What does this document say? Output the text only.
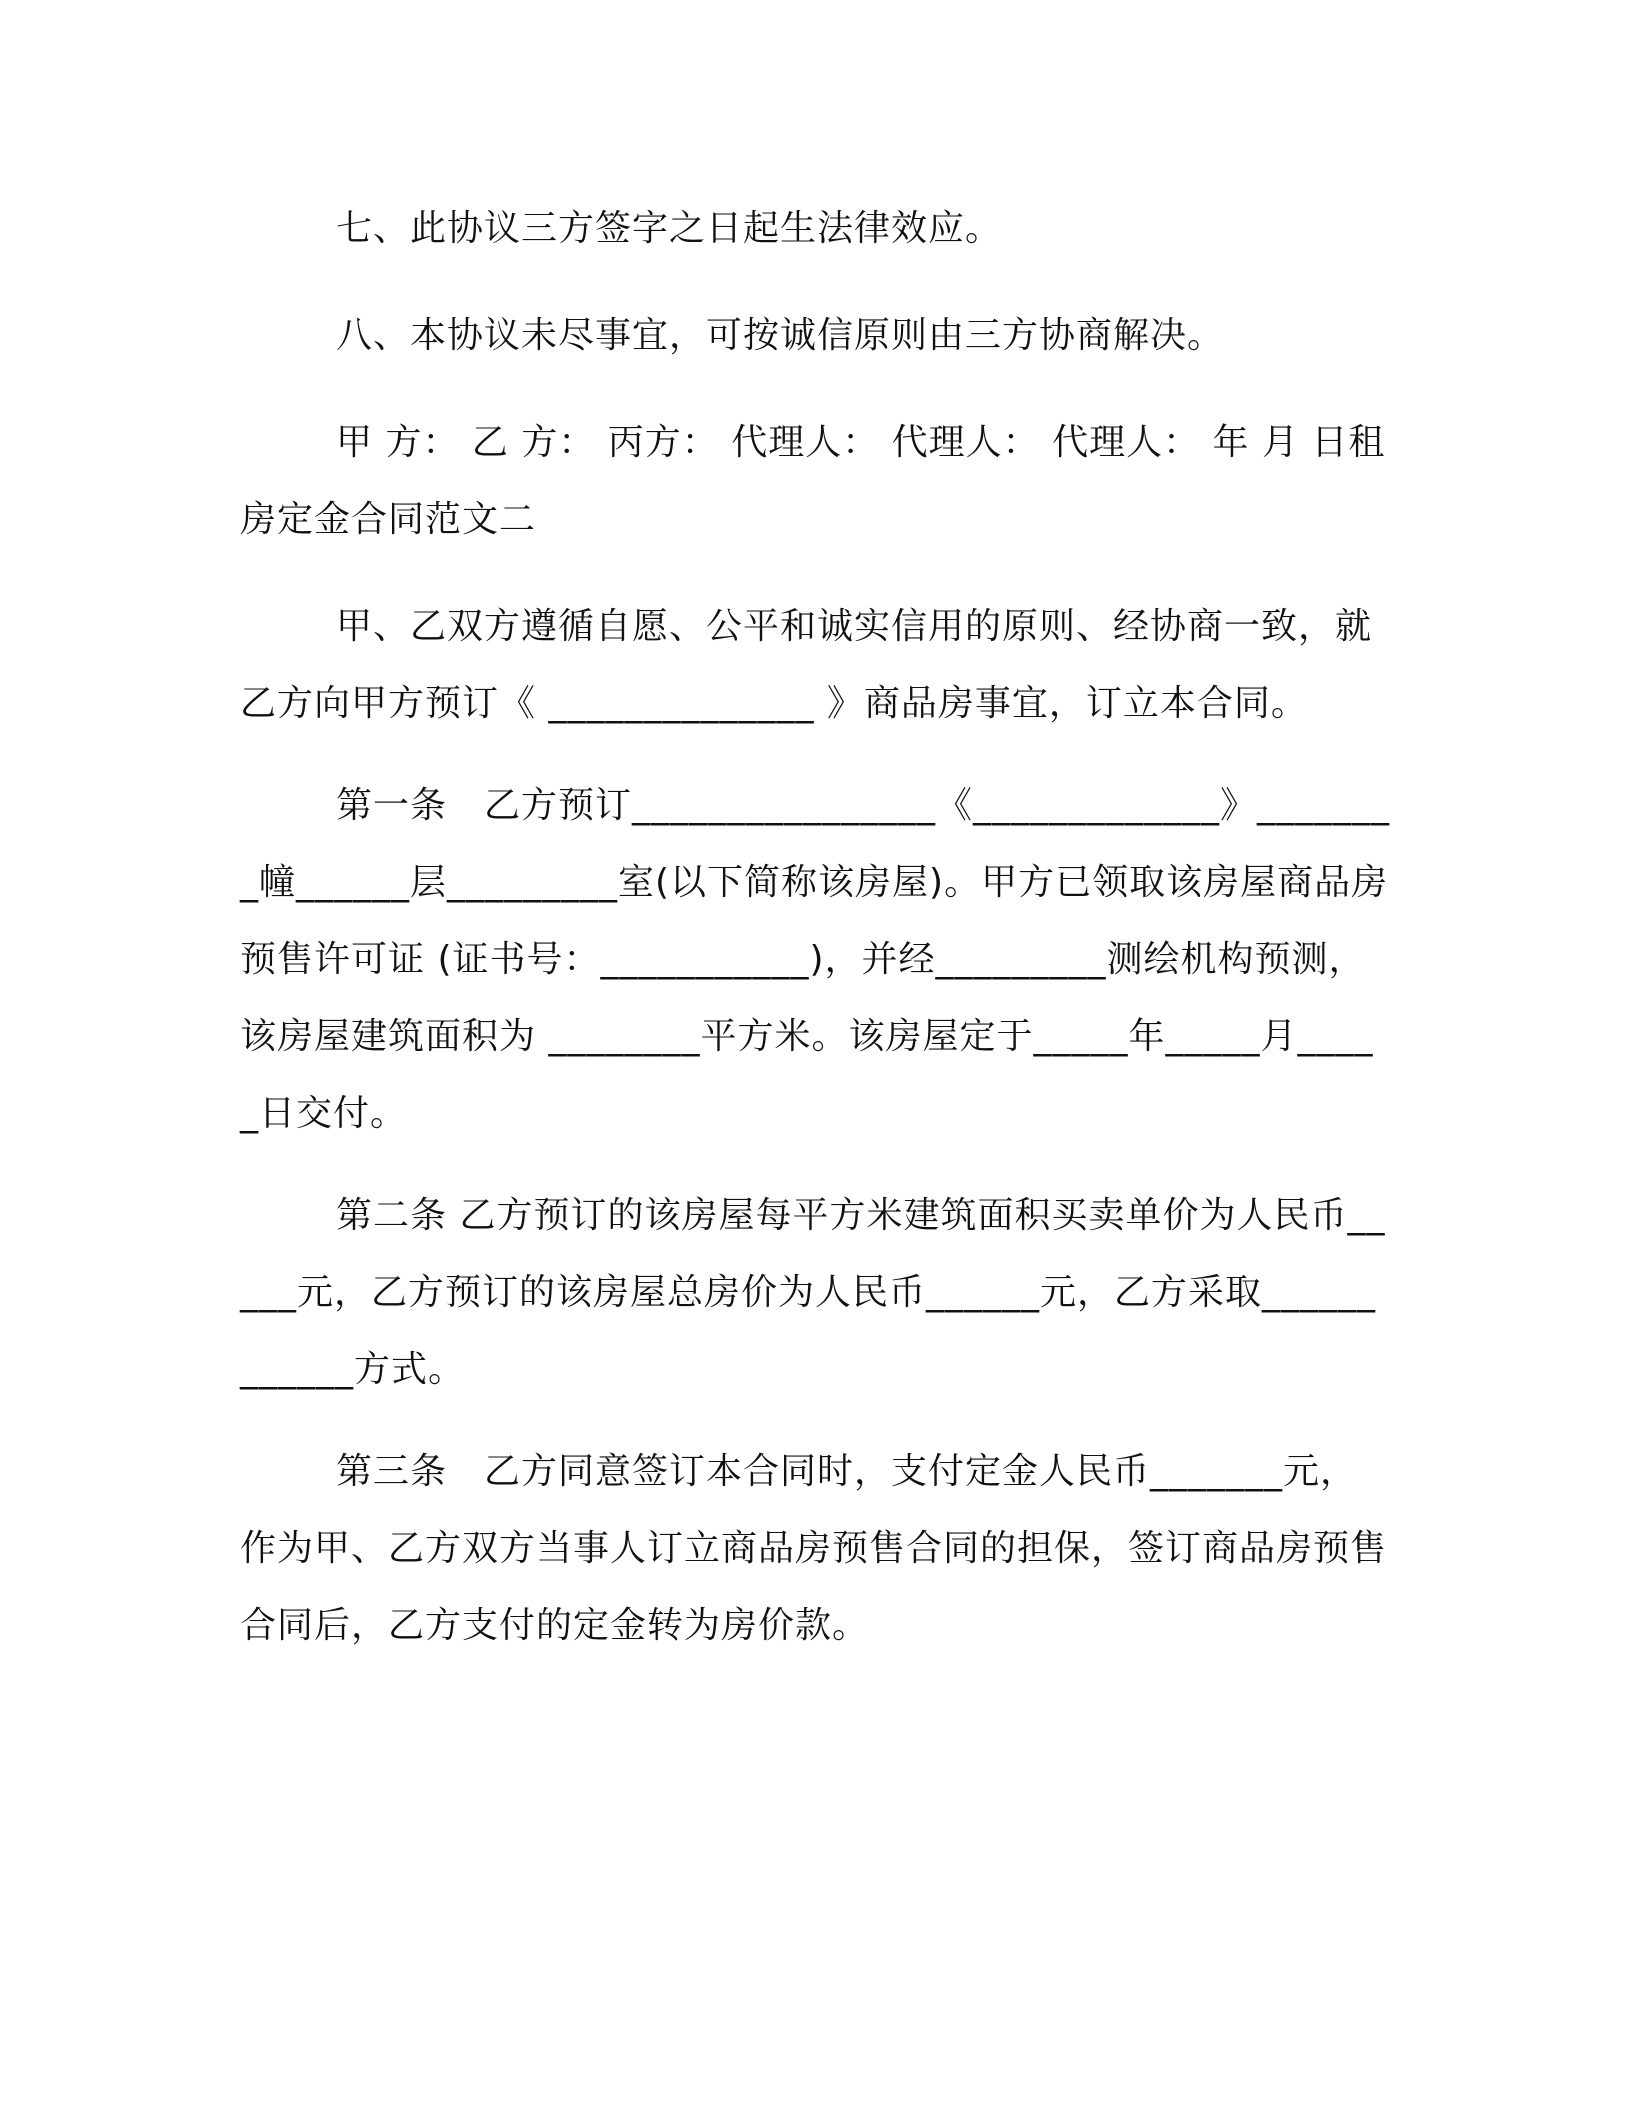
七、此协议三方签字之日起生法律效应。

八、本协议未尽事宜，可按诚信原则由三方协商解决。

甲 方： 乙 方： 丙方： 代理人： 代理人： 代理人： 年 月 日租房定金合同范文二

甲、乙双方遵循自愿、公平和诚实信用的原则、经协商一致，就乙方向甲方预订《 ______________ 》商品房事宜，订立本合同。

第一条　乙方预订________________《_____________》________幢______层_________室(以下简称该房屋)。甲方已领取该房屋商品房预售许可证 (证书号：___________)，并经_________测绘机构预测，该房屋建筑面积为 ________平方米。该房屋定于_____年_____月_____日交付。

第二条 乙方预订的该房屋每平方米建筑面积买卖单价为人民币_____元，乙方预订的该房屋总房价为人民币______元，乙方采取____________方式。

第三条　乙方同意签订本合同时，支付定金人民币_______元，作为甲、乙方双方当事人订立商品房预售合同的担保，签订商品房预售合同后，乙方支付的定金转为房价款。
